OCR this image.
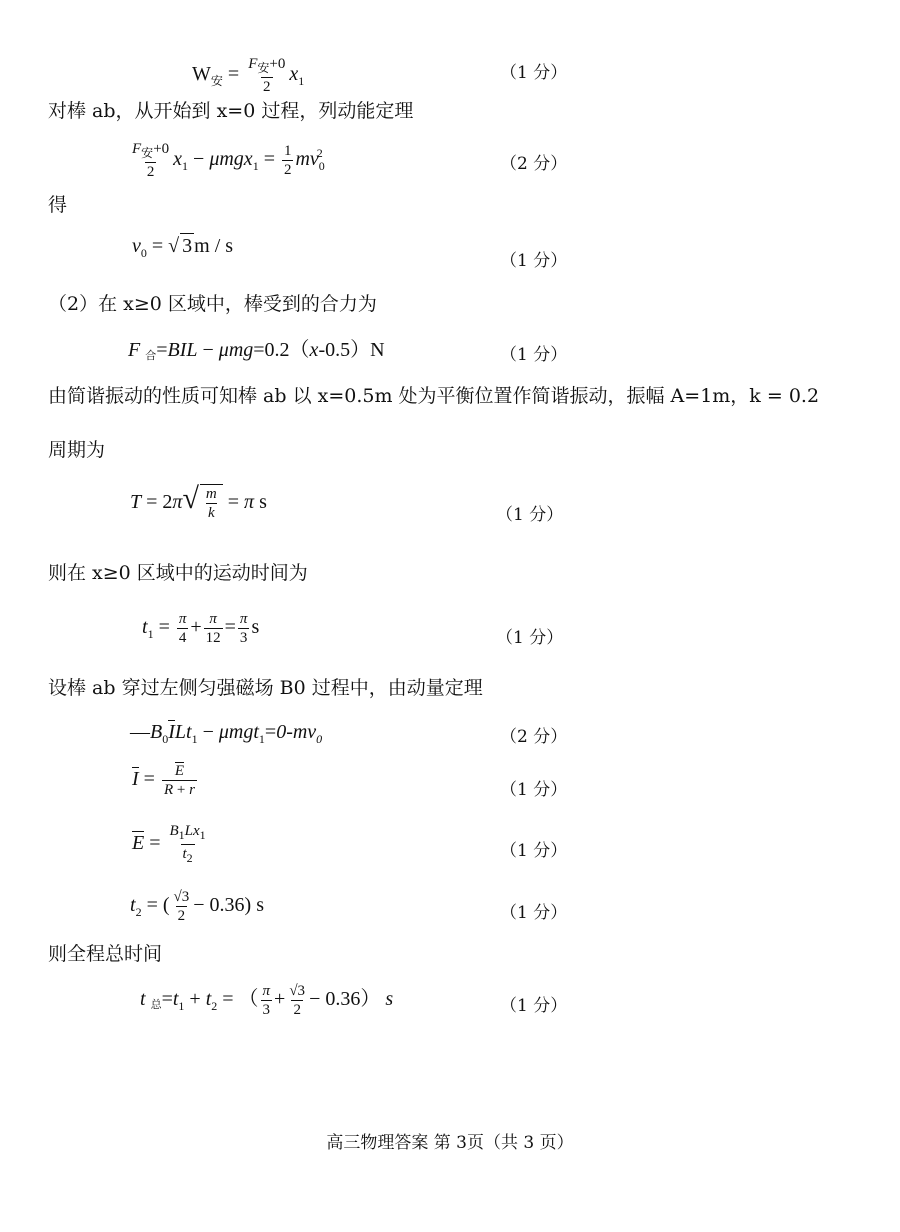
$W_安 = \frac{F_安+0}{2} x_1$	（1 分）
对棒 ab，从开始到 x=0 过程，列动能定理
$\frac{F_安+0}{2} x_1 - \mu mgx_1 = \frac{1}{2} mv_0^2$
（2 分）
得
$v_0$ = √ 3 m / s
（1 分）
（2）在 x≥0 区域中，棒受到的合力为
F 合=BIL − μmg=0.2（x-0.5）N	（1 分）
由简谐振动的性质可知棒 ab 以 x=0.5m 处为平衡位置作简谐振动，振幅 A=1m，k = 0.2
周期为
$T = 2\pi√ \frac{m}{k} = \pi$ s
（1 分）
则在 x≥0 区域中的运动时间为
$t_1 = \frac{\pi}{4} + \frac{\pi}{12} = \frac{\pi}{3}$ s	（1 分）
设棒 ab 穿过左侧匀强磁场 B0 过程中，由动量定理
$—B_0ILt_1 - \mu mgt_1=0-mv_0$	（2 分）
$I = \frac{E}{R + r}$	（1 分）
$E = \frac{B_1Lx_1}{t_2}$	（1 分）
$t_2$ = ( $\frac{√3}{2} - 0.36$) s	（1 分）
则全程总时间
t 总$=t_1 + t_2$ = （ $\frac{\pi}{3} + \frac{√3}{2} - 0.36$） s	（1 分）
高三物理答案 第 3页（共 3 页）
